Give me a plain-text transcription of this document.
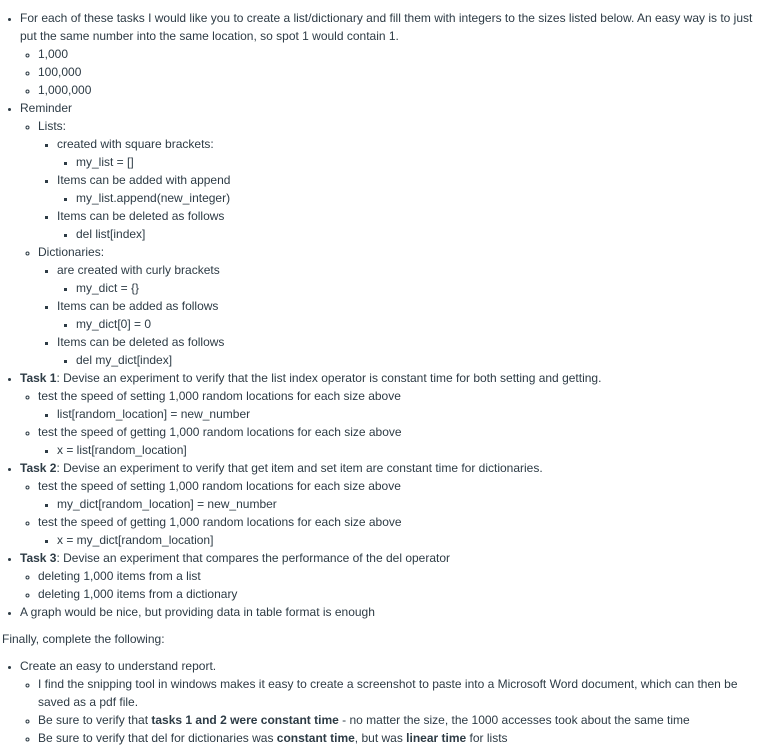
• For each of these tasks I would like you to create a list/dictionary and fill them with integers to the sizes listed below. An easy way is to just put the same number into the same location, so spot 1 would contain 1.
◦ 1,000
◦ 100,000
◦ 1,000,000
• Reminder
◦ Lists:
▪ created with square brackets:
▪ my_list = []
▪ Items can be added with append
▪ my_list.append(new_integer)
▪ Items can be deleted as follows
▪ del list[index]
◦ Dictionaries:
▪ are created with curly brackets
▪ my_dict = {}
▪ Items can be added as follows
▪ my_dict[0] = 0
▪ Items can be deleted as follows
▪ del my_dict[index]
• Task 1: Devise an experiment to verify that the list index operator is constant time for both setting and getting.
◦ test the speed of setting 1,000 random locations for each size above
▪ list[random_location] = new_number
◦ test the speed of getting 1,000 random locations for each size above
▪ x = list[random_location]
• Task 2: Devise an experiment to verify that get item and set item are constant time for dictionaries.
◦ test the speed of setting 1,000 random locations for each size above
▪ my_dict[random_location] = new_number
◦ test the speed of getting 1,000 random locations for each size above
▪ x = my_dict[random_location]
• Task 3: Devise an experiment that compares the performance of the del operator
◦ deleting 1,000 items from a list
◦ deleting 1,000 items from a dictionary
• A graph would be nice, but providing data in table format is enough

Finally, complete the following:

• Create an easy to understand report.
◦ I find the snipping tool in windows makes it easy to create a screenshot to paste into a Microsoft Word document, which can then be saved as a pdf file.
◦ Be sure to verify that tasks 1 and 2 were constant time - no matter the size, the 1000 accesses took about the same time
◦ Be sure to verify that del for dictionaries was constant time, but was linear time for lists
